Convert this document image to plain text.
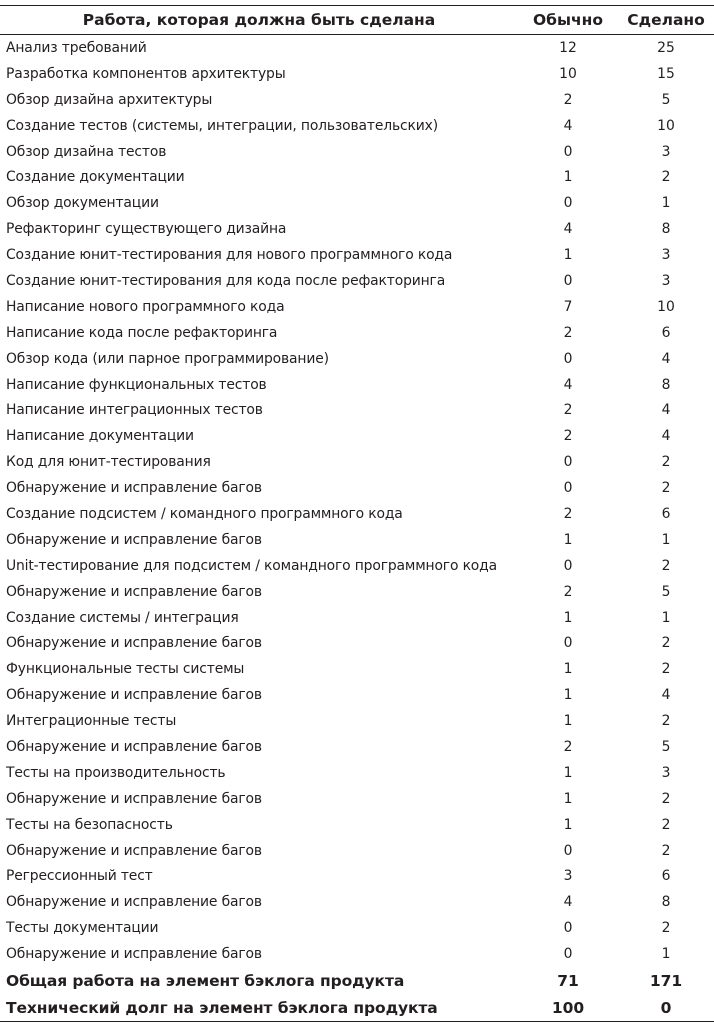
Работа, которая должна быть сделана	Обычно	Сделано
Анализ требований	12	25
Разработка компонентов архитектуры	10	15
Обзор дизайна архитектуры	2	5
Создание тестов (системы, интеграции, пользовательских)	4	10
Обзор дизайна тестов	0	3
Создание документации	1	2
Обзор документации	0	1
Рефакторинг существующего дизайна	4	8
Создание юнит-тестирования для нового программного кода	1	3
Создание юнит-тестирования для кода после рефакторинга	0	3
Написание нового программного кода	7	10
Написание кода после рефакторинга	2	6
Обзор кода (или парное программирование)	0	4
Написание функциональных тестов	4	8
Написание интеграционных тестов	2	4
Написание документации	2	4
Код для юнит-тестирования	0	2
Обнаружение и исправление багов	0	2
Создание подсистем / командного программного кода	2	6
Обнаружение и исправление багов	1	1
Unit-тестирование для подсистем / командного программного кода	0	2
Обнаружение и исправление багов	2	5
Создание системы / интеграция	1	1
Обнаружение и исправление багов	0	2
Функциональные тесты системы	1	2
Обнаружение и исправление багов	1	4
Интеграционные тесты	1	2
Обнаружение и исправление багов	2	5
Тесты на производительность	1	3
Обнаружение и исправление багов	1	2
Тесты на безопасность	1	2
Обнаружение и исправление багов	0	2
Регрессионный тест	3	6
Обнаружение и исправление багов	4	8
Тесты документации	0	2
Обнаружение и исправление багов	0	1
Общая работа на элемент бэклога продукта	71	171
Технический долг на элемент бэклога продукта	100	0
